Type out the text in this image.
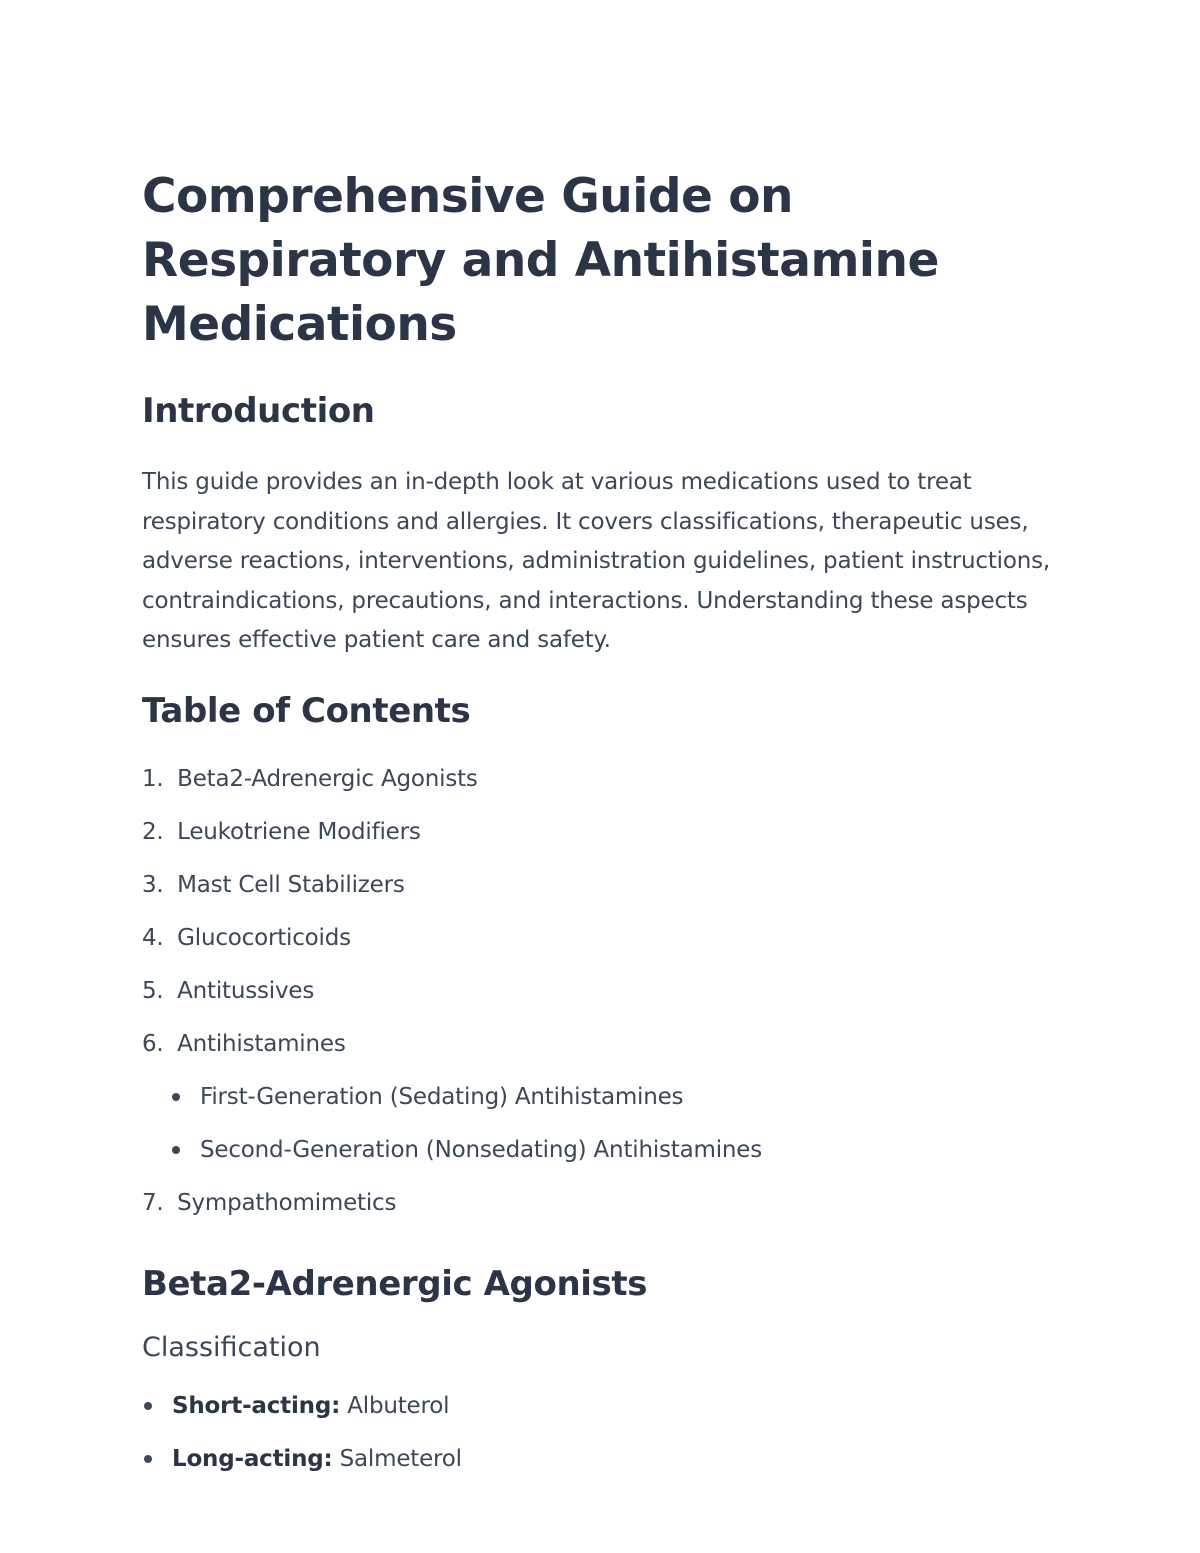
Comprehensive Guide on Respiratory and Antihistamine Medications
Introduction

This guide provides an in-depth look at various medications used to treat respiratory conditions and allergies. It covers classifications, therapeutic uses, adverse reactions, interventions, administration guidelines, patient instructions, contraindications, precautions, and interactions. Understanding these aspects ensures effective patient care and safety.

Table of Contents
1. Beta2-Adrenergic Agonists
2. Leukotriene Modifiers
3. Mast Cell Stabilizers
4. Glucocorticoids
5. Antitussives
6. Antihistamines
First-Generation (Sedating) Antihistamines
Second-Generation (Nonsedating) Antihistamines
7. Sympathomimetics
Beta2-Adrenergic Agonists
Classification
Short-acting: Albuterol
Long-acting: Salmeterol
